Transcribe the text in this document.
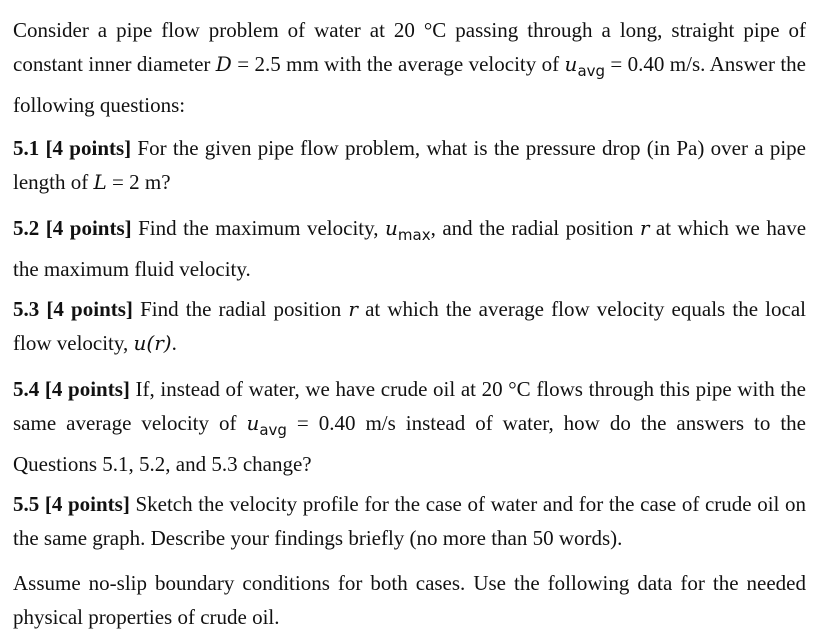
Consider a pipe flow problem of water at 20 °C passing through a long, straight pipe of constant inner diameter D = 2.5 mm with the average velocity of $u_{avg} = 0.40$ m/s. Answer the following questions:

5.1 [4 points] For the given pipe flow problem, what is the pressure drop (in Pa) over a pipe length of L = 2 m?

5.2 [4 points] Find the maximum velocity, $u_{max}$, and the radial position r at which we have the maximum fluid velocity.

5.3 [4 points] Find the radial position r at which the average flow velocity equals the local flow velocity, u(r).

5.4 [4 points] If, instead of water, we have crude oil at 20 °C flows through this pipe with the same average velocity of $u_{avg} = 0.40$ m/s instead of water, how do the answers to the Questions 5.1, 5.2, and 5.3 change?

5.5 [4 points] Sketch the velocity profile for the case of water and for the case of crude oil on the same graph. Describe your findings briefly (no more than 50 words).

Assume no-slip boundary conditions for both cases. Use the following data for the needed physical properties of crude oil.
